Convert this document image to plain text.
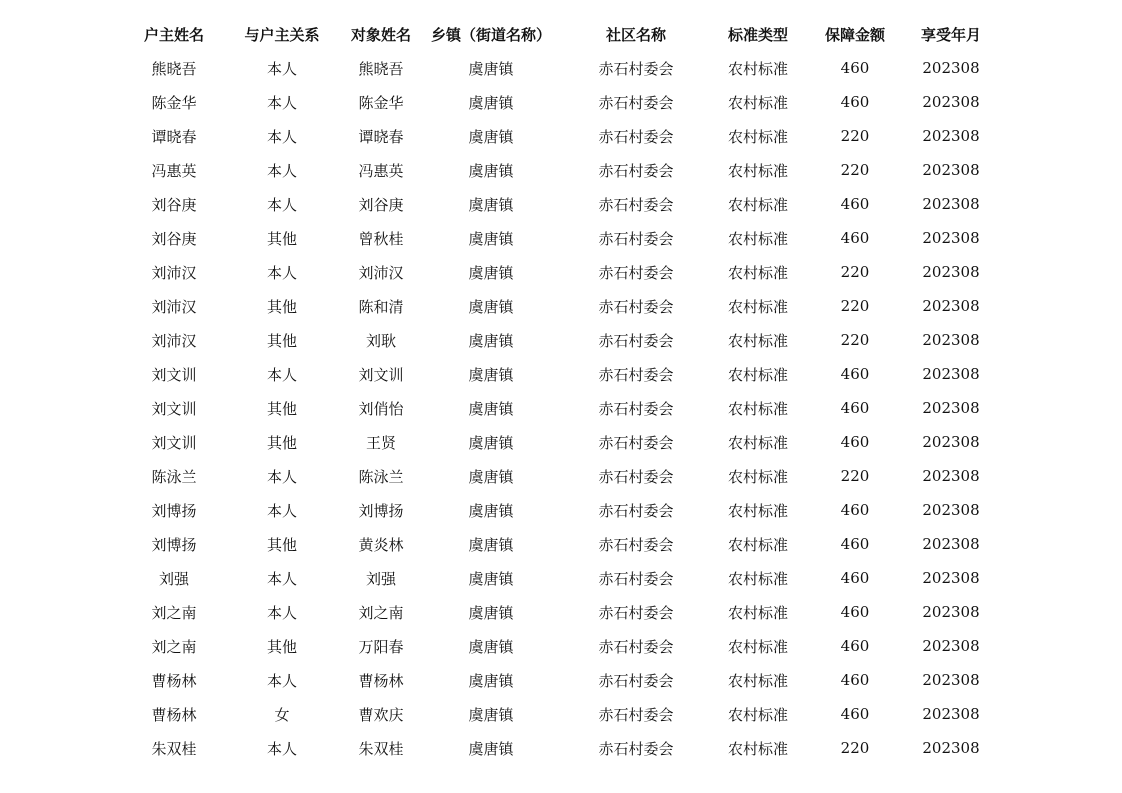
户主姓名	与户主关系	对象姓名	乡镇（街道名称）	社区名称	标准类型	保障金额	享受年月
熊晓吾	本人	熊晓吾	虞唐镇	赤石村委会	农村标准	460	202308
陈金华	本人	陈金华	虞唐镇	赤石村委会	农村标准	460	202308
谭晓春	本人	谭晓春	虞唐镇	赤石村委会	农村标准	220	202308
冯惠英	本人	冯惠英	虞唐镇	赤石村委会	农村标准	220	202308
刘谷庚	本人	刘谷庚	虞唐镇	赤石村委会	农村标准	460	202308
刘谷庚	其他	曾秋桂	虞唐镇	赤石村委会	农村标准	460	202308
刘沛汉	本人	刘沛汉	虞唐镇	赤石村委会	农村标准	220	202308
刘沛汉	其他	陈和清	虞唐镇	赤石村委会	农村标准	220	202308
刘沛汉	其他	刘耿	虞唐镇	赤石村委会	农村标准	220	202308
刘文训	本人	刘文训	虞唐镇	赤石村委会	农村标准	460	202308
刘文训	其他	刘俏怡	虞唐镇	赤石村委会	农村标准	460	202308
刘文训	其他	王贤	虞唐镇	赤石村委会	农村标准	460	202308
陈泳兰	本人	陈泳兰	虞唐镇	赤石村委会	农村标准	220	202308
刘博扬	本人	刘博扬	虞唐镇	赤石村委会	农村标准	460	202308
刘博扬	其他	黄炎林	虞唐镇	赤石村委会	农村标准	460	202308
刘强	本人	刘强	虞唐镇	赤石村委会	农村标准	460	202308
刘之南	本人	刘之南	虞唐镇	赤石村委会	农村标准	460	202308
刘之南	其他	万阳春	虞唐镇	赤石村委会	农村标准	460	202308
曹杨林	本人	曹杨林	虞唐镇	赤石村委会	农村标准	460	202308
曹杨林	女	曹欢庆	虞唐镇	赤石村委会	农村标准	460	202308
朱双桂	本人	朱双桂	虞唐镇	赤石村委会	农村标准	220	202308
